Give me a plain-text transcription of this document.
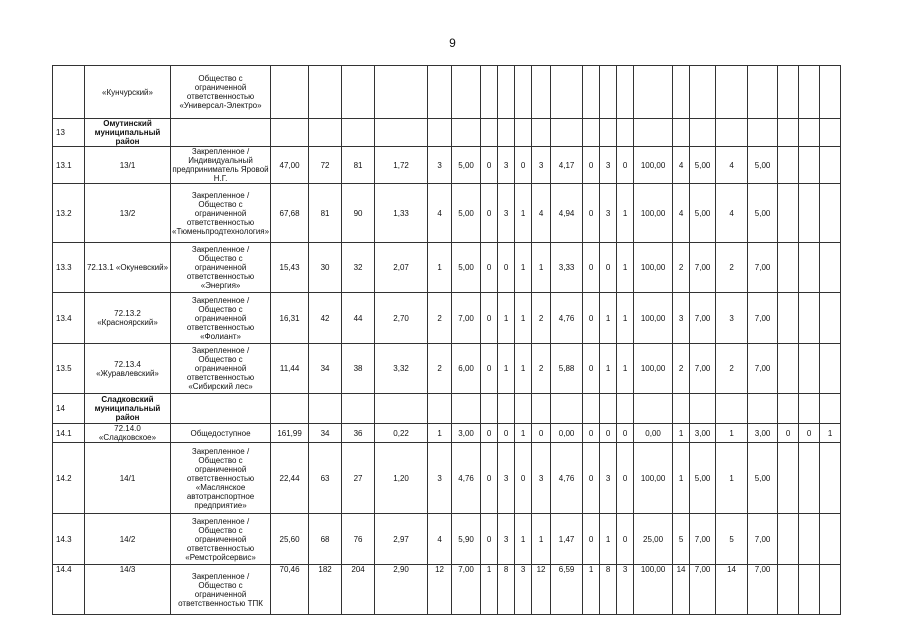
9
	«Кунчурский»	Общество с ограниченной ответственностью «Универсал-Электро»																						
13	Омутинский муниципальный район																							
13.1	13/1	Закрепленное / Индивидуальный предприниматель Яровой Н.Г.	47,00	72	81	1,72	3	5,00	0	3	0	3	4,17	0	3	0	100,00	4	5,00	4	5,00			
13.2	13/2	Закрепленное / Общество с ограниченной ответственностью «Тюменьпродтехнология»	67,68	81	90	1,33	4	5,00	0	3	1	4	4,94	0	3	1	100,00	4	5,00	4	5,00			
13.3	72.13.1 «Окуневский»	Закрепленное / Общество с ограниченной ответственностью «Энергия»	15,43	30	32	2,07	1	5,00	0	0	1	1	3,33	0	0	1	100,00	2	7,00	2	7,00			
13.4	72.13.2 «Красноярский»	Закрепленное / Общество с ограниченной ответственностью «Фолиант»	16,31	42	44	2,70	2	7,00	0	1	1	2	4,76	0	1	1	100,00	3	7,00	3	7,00			
13.5	72.13.4 «Журавлевский»	Закрепленное / Общество с ограниченной ответственностью «Сибирский лес»	11,44	34	38	3,32	2	6,00	0	1	1	2	5,88	0	1	1	100,00	2	7,00	2	7,00			
14	Сладковский муниципальный район																							
14.1	72.14.0 «Сладковское»	Общедоступное	161,99	34	36	0,22	1	3,00	0	0	1	0	0,00	0	0	0	0,00	1	3,00	1	3,00	0	0	1
14.2	14/1	Закрепленное / Общество с ограниченной ответственностью «Маслянское автотранспортное предприятие»	22,44	63	27	1,20	3	4,76	0	3	0	3	4,76	0	3	0	100,00	1	5,00	1	5,00			
14.3	14/2	Закрепленное / Общество с ограниченной ответственностью «Ремстройсервис»	25,60	68	76	2,97	4	5,90	0	3	1	1	1,47	0	1	0	25,00	5	7,00	5	7,00			
14.4	14/3	Закрепленное / Общество с ограниченной ответственностью ТПК	70,46	182	204	2,90	12	7,00	1	8	3	12	6,59	1	8	3	100,00	14	7,00	14	7,00			
